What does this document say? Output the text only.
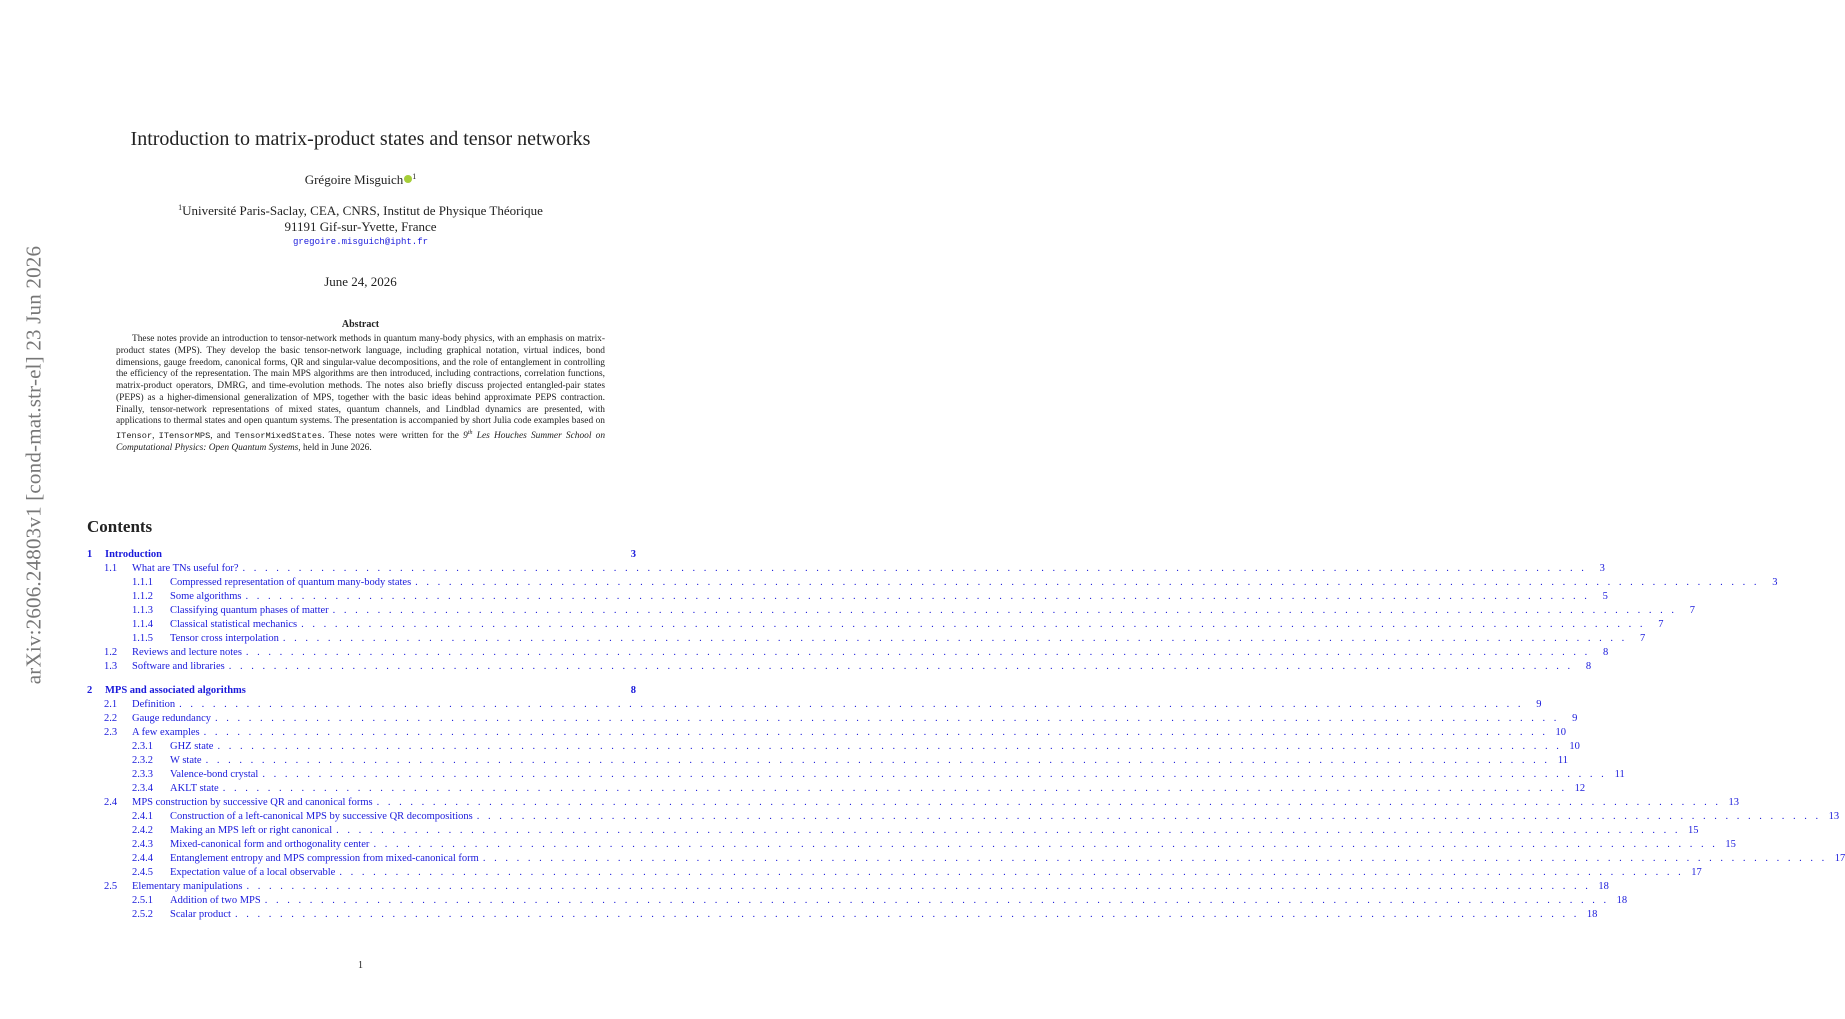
arXiv:2606.24803v1 [cond-mat.str-el] 23 Jun 2026
Introduction to matrix-product states and tensor networks
Grégoire Misguich $^1$
$^1$Université Paris-Saclay, CEA, CNRS, Institut de Physique Théorique
91191 Gif-sur-Yvette, France
gregoire.misguich@ipht.fr
June 24, 2026
Abstract
These notes provide an introduction to tensor-network methods in quantum many-body physics, with an emphasis on matrix-product states (MPS). They develop the basic tensor-network language, including graphical notation, virtual indices, bond dimensions, gauge freedom, canonical forms, QR and singular-value decompositions, and the role of entanglement in controlling the efficiency of the representation. The main MPS algorithms are then introduced, including contractions, correlation functions, matrix-product operators, DMRG, and time-evolution methods. The notes also briefly discuss projected entangled-pair states (PEPS) as a higher-dimensional generalization of MPS, together with the basic ideas behind approximate PEPS contraction. Finally, tensor-network representations of mixed states, quantum channels, and Lindblad dynamics are presented, with applications to thermal states and open quantum systems. The presentation is accompanied by short Julia code examples based on ITensor, ITensorMPS, and TensorMixedStates. These notes were written for the 9th Les Houches Summer School on Computational Physics: Open Quantum Systems, held in June 2026.
Contents
1	Introduction	3
1.1	What are TNs useful for? . . . . . . . . . . . . . . . . . . . . . . . . . . . . . . . . . . . . . . . . . . . . . . . . . . . . . . . . . . . . . . . . . . . . . . . . . . . . . . . . . . . . . . . . . . . . . . . . . . . . . . . . . . . . . . . . . . . . . . . .	3
1.1.1	Compressed representation of quantum many-body states . . . . . . . . . . . . . . . . . . . . . . . . . . . . . . . . . . . . . . . . . . . . . . . . . . . . . . . . . . . . . . . . . . . . . . . . . . . . . . . . . . . . . . . . . . . . . . . . . . . . . . . . . . . . . . . . . . . . . . . .	3
1.1.2	Some algorithms . . . . . . . . . . . . . . . . . . . . . . . . . . . . . . . . . . . . . . . . . . . . . . . . . . . . . . . . . . . . . . . . . . . . . . . . . . . . . . . . . . . . . . . . . . . . . . . . . . . . . . . . . . . . . . . . . . . . . . . .	5
1.1.3	Classifying quantum phases of matter . . . . . . . . . . . . . . . . . . . . . . . . . . . . . . . . . . . . . . . . . . . . . . . . . . . . . . . . . . . . . . . . . . . . . . . . . . . . . . . . . . . . . . . . . . . . . . . . . . . . . . . . . . . . . . . . . . . . . . . .	7
1.1.4	Classical statistical mechanics . . . . . . . . . . . . . . . . . . . . . . . . . . . . . . . . . . . . . . . . . . . . . . . . . . . . . . . . . . . . . . . . . . . . . . . . . . . . . . . . . . . . . . . . . . . . . . . . . . . . . . . . . . . . . . . . . . . . . . . .	7
1.1.5	Tensor cross interpolation . . . . . . . . . . . . . . . . . . . . . . . . . . . . . . . . . . . . . . . . . . . . . . . . . . . . . . . . . . . . . . . . . . . . . . . . . . . . . . . . . . . . . . . . . . . . . . . . . . . . . . . . . . . . . . . . . . . . . . . .	7
1.2	Reviews and lecture notes . . . . . . . . . . . . . . . . . . . . . . . . . . . . . . . . . . . . . . . . . . . . . . . . . . . . . . . . . . . . . . . . . . . . . . . . . . . . . . . . . . . . . . . . . . . . . . . . . . . . . . . . . . . . . . . . . . . . . . . .	8
1.3	Software and libraries . . . . . . . . . . . . . . . . . . . . . . . . . . . . . . . . . . . . . . . . . . . . . . . . . . . . . . . . . . . . . . . . . . . . . . . . . . . . . . . . . . . . . . . . . . . . . . . . . . . . . . . . . . . . . . . . . . . . . . . .	8
2	MPS and associated algorithms	8
2.1	Definition . . . . . . . . . . . . . . . . . . . . . . . . . . . . . . . . . . . . . . . . . . . . . . . . . . . . . . . . . . . . . . . . . . . . . . . . . . . . . . . . . . . . . . . . . . . . . . . . . . . . . . . . . . . . . . . . . . . . . . . .	9
2.2	Gauge redundancy . . . . . . . . . . . . . . . . . . . . . . . . . . . . . . . . . . . . . . . . . . . . . . . . . . . . . . . . . . . . . . . . . . . . . . . . . . . . . . . . . . . . . . . . . . . . . . . . . . . . . . . . . . . . . . . . . . . . . . . .	9
2.3	A few examples . . . . . . . . . . . . . . . . . . . . . . . . . . . . . . . . . . . . . . . . . . . . . . . . . . . . . . . . . . . . . . . . . . . . . . . . . . . . . . . . . . . . . . . . . . . . . . . . . . . . . . . . . . . . . . . . . . . . . . . . 10
2.3.1	GHZ state . . . . . . . . . . . . . . . . . . . . . . . . . . . . . . . . . . . . . . . . . . . . . . . . . . . . . . . . . . . . . . . . . . . . . . . . . . . . . . . . . . . . . . . . . . . . . . . . . . . . . . . . . . . . . . . . . . . . . . . . 10
2.3.2	W state . . . . . . . . . . . . . . . . . . . . . . . . . . . . . . . . . . . . . . . . . . . . . . . . . . . . . . . . . . . . . . . . . . . . . . . . . . . . . . . . . . . . . . . . . . . . . . . . . . . . . . . . . . . . . . . . . . . . . . . . 11
2.3.3	Valence-bond crystal . . . . . . . . . . . . . . . . . . . . . . . . . . . . . . . . . . . . . . . . . . . . . . . . . . . . . . . . . . . . . . . . . . . . . . . . . . . . . . . . . . . . . . . . . . . . . . . . . . . . . . . . . . . . . . . . . . . . . . . . 11
2.3.4	AKLT state . . . . . . . . . . . . . . . . . . . . . . . . . . . . . . . . . . . . . . . . . . . . . . . . . . . . . . . . . . . . . . . . . . . . . . . . . . . . . . . . . . . . . . . . . . . . . . . . . . . . . . . . . . . . . . . . . . . . . . . . 12
2.4	MPS construction by successive QR and canonical forms . . . . . . . . . . . . . . . . . . . . . . . . . . . . . . . . . . . . . . . . . . . . . . . . . . . . . . . . . . . . . . . . . . . . . . . . . . . . . . . . . . . . . . . . . . . . . . . . . . . . . . . . . . . . . . . . . . . . . . . . 13
2.4.1	Construction of a left-canonical MPS by successive QR decompositions . . . . . . . . . . . . . . . . . . . . . . . . . . . . . . . . . . . . . . . . . . . . . . . . . . . . . . . . . . . . . . . . . . . . . . . . . . . . . . . . . . . . . . . . . . . . . . . . . . . . . . . . . . . . . . . . . . . . . . . . 13
2.4.2	Making an MPS left or right canonical . . . . . . . . . . . . . . . . . . . . . . . . . . . . . . . . . . . . . . . . . . . . . . . . . . . . . . . . . . . . . . . . . . . . . . . . . . . . . . . . . . . . . . . . . . . . . . . . . . . . . . . . . . . . . . . . . . . . . . . . 15
2.4.3	Mixed-canonical form and orthogonality center . . . . . . . . . . . . . . . . . . . . . . . . . . . . . . . . . . . . . . . . . . . . . . . . . . . . . . . . . . . . . . . . . . . . . . . . . . . . . . . . . . . . . . . . . . . . . . . . . . . . . . . . . . . . . . . . . . . . . . . . 15
2.4.4	Entanglement entropy and MPS compression from mixed-canonical form . . . . . . . . . . . . . . . . . . . . . . . . . . . . . . . . . . . . . . . . . . . . . . . . . . . . . . . . . . . . . . . . . . . . . . . . . . . . . . . . . . . . . . . . . . . . . . . . . . . . . . . . . . . . . . . . . . . . . . . . 17
2.4.5	Expectation value of a local observable . . . . . . . . . . . . . . . . . . . . . . . . . . . . . . . . . . . . . . . . . . . . . . . . . . . . . . . . . . . . . . . . . . . . . . . . . . . . . . . . . . . . . . . . . . . . . . . . . . . . . . . . . . . . . . . . . . . . . . . . 17
2.5	Elementary manipulations . . . . . . . . . . . . . . . . . . . . . . . . . . . . . . . . . . . . . . . . . . . . . . . . . . . . . . . . . . . . . . . . . . . . . . . . . . . . . . . . . . . . . . . . . . . . . . . . . . . . . . . . . . . . . . . . . . . . . . . . 18
2.5.1	Addition of two MPS . . . . . . . . . . . . . . . . . . . . . . . . . . . . . . . . . . . . . . . . . . . . . . . . . . . . . . . . . . . . . . . . . . . . . . . . . . . . . . . . . . . . . . . . . . . . . . . . . . . . . . . . . . . . . . . . . . . . . . . . 18
2.5.2	Scalar product . . . . . . . . . . . . . . . . . . . . . . . . . . . . . . . . . . . . . . . . . . . . . . . . . . . . . . . . . . . . . . . . . . . . . . . . . . . . . . . . . . . . . . . . . . . . . . . . . . . . . . . . . . . . . . . . . . . . . . . . 18
1
